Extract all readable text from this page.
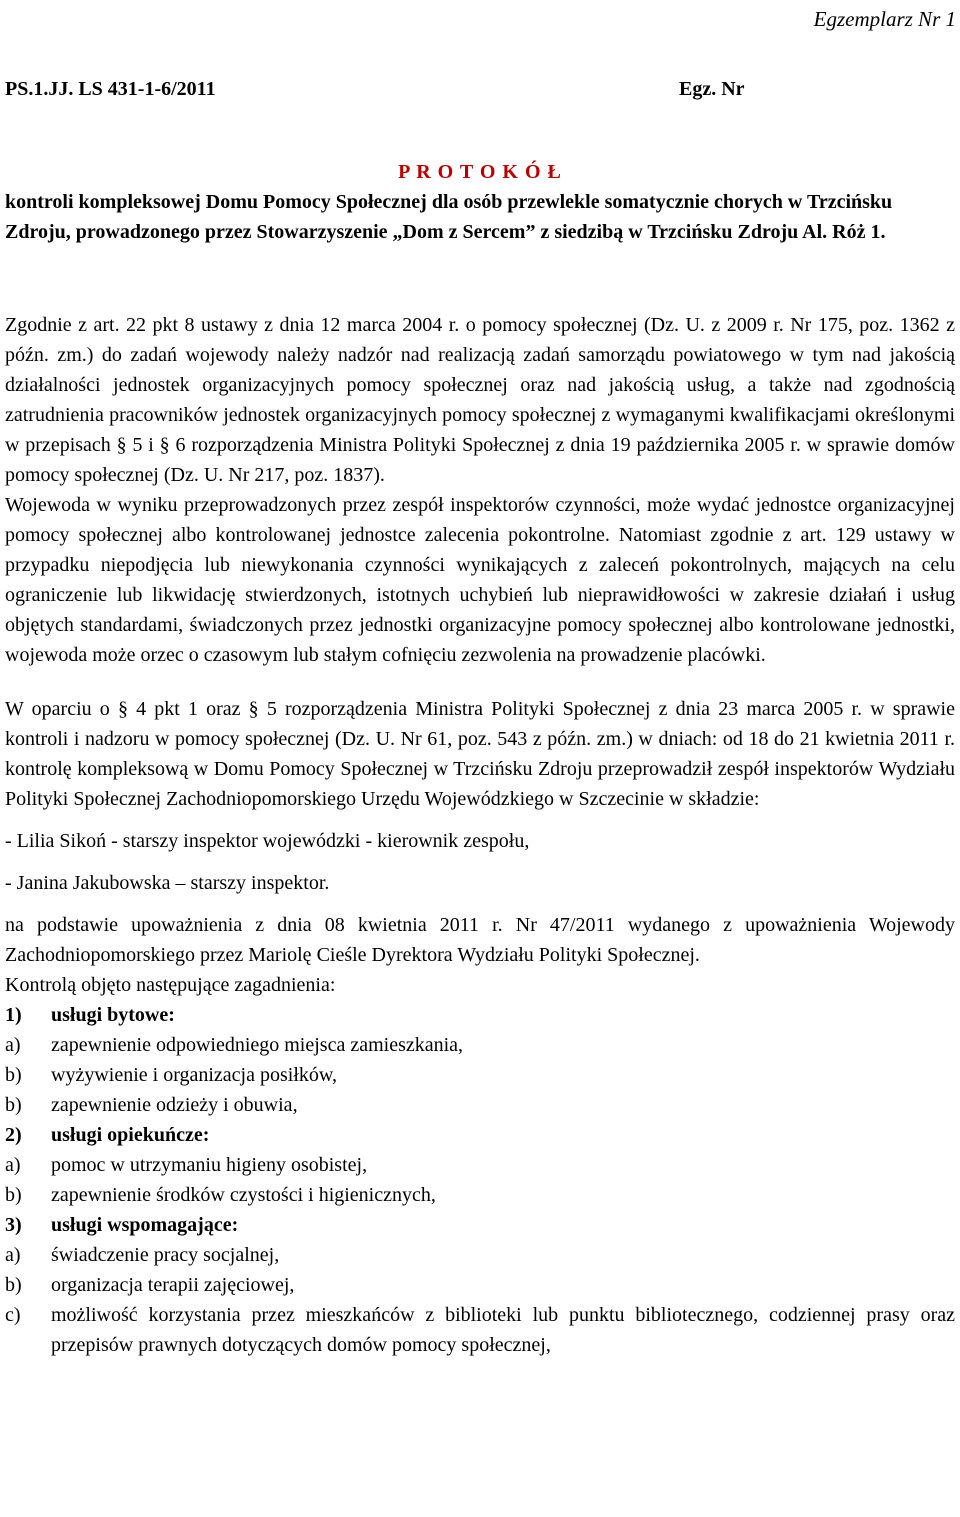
Egzemplarz Nr 1
PS.1.JJ. LS 431-1-6/2011	Egz. Nr

P R O T O K Ó Ł

kontroli kompleksowej Domu Pomocy Społecznej dla osób przewlekle somatycznie chorych w Trzcińsku Zdroju, prowadzonego przez Stowarzyszenie „Dom z Sercem” z siedzibą w Trzcińsku Zdroju Al. Róż 1.

Zgodnie z art. 22 pkt 8 ustawy z dnia 12 marca 2004 r. o pomocy społecznej (Dz. U. z 2009 r. Nr 175, poz. 1362 z późn. zm.) do zadań wojewody należy nadzór nad realizacją zadań samorządu powiatowego w tym nad jakością działalności jednostek organizacyjnych pomocy społecznej oraz nad jakością usług, a także nad zgodnością zatrudnienia pracowników jednostek organizacyjnych pomocy społecznej z wymaganymi kwalifikacjami określonymi w przepisach § 5 i § 6 rozporządzenia Ministra Polityki Społecznej z dnia 19 października 2005 r. w sprawie domów pomocy społecznej (Dz. U. Nr 217, poz. 1837).

Wojewoda w wyniku przeprowadzonych przez zespół inspektorów czynności, może wydać jednostce organizacyjnej pomocy społecznej albo kontrolowanej jednostce zalecenia pokontrolne. Natomiast zgodnie z art. 129 ustawy w przypadku niepodjęcia lub niewykonania czynności wynikających z zaleceń pokontrolnych, mających na celu ograniczenie lub likwidację stwierdzonych, istotnych uchybień lub nieprawidłowości w zakresie działań i usług objętych standardami, świadczonych przez jednostki organizacyjne pomocy społecznej albo kontrolowane jednostki, wojewoda może orzec o czasowym lub stałym cofnięciu zezwolenia na prowadzenie placówki.

W oparciu o § 4 pkt 1 oraz § 5 rozporządzenia Ministra Polityki Społecznej z dnia 23 marca 2005 r. w sprawie kontroli i nadzoru w pomocy społecznej (Dz. U. Nr 61, poz. 543 z późn. zm.) w dniach: od 18 do 21 kwietnia 2011 r. kontrolę kompleksową w Domu Pomocy Społecznej w Trzcińsku Zdroju przeprowadził zespół inspektorów Wydziału Polityki Społecznej Zachodniopomorskiego Urzędu Wojewódzkiego w Szczecinie w składzie:

- Lilia Sikoń - starszy inspektor wojewódzki - kierownik zespołu,

- Janina Jakubowska – starszy inspektor.

na podstawie upoważnienia z dnia 08 kwietnia 2011 r. Nr 47/2011 wydanego z upoważnienia Wojewody Zachodniopomorskiego przez Mariolę Cieśle Dyrektora Wydziału Polityki Społecznej.

Kontrolą objęto następujące zagadnienia:

1)	usługi bytowe:
a)	zapewnienie odpowiedniego miejsca zamieszkania,
b)	wyżywienie i organizacja posiłków,
b)	zapewnienie odzieży i obuwia,
2)	usługi opiekuńcze:
a)	pomoc w utrzymaniu higieny osobistej,
b)	zapewnienie środków czystości i higienicznych,
3)	usługi wspomagające:
a)	świadczenie pracy socjalnej,
b)	organizacja terapii zajęciowej,
c)	możliwość korzystania przez mieszkańców z biblioteki lub punktu bibliotecznego, codziennej prasy oraz przepisów prawnych dotyczących domów pomocy społecznej,
